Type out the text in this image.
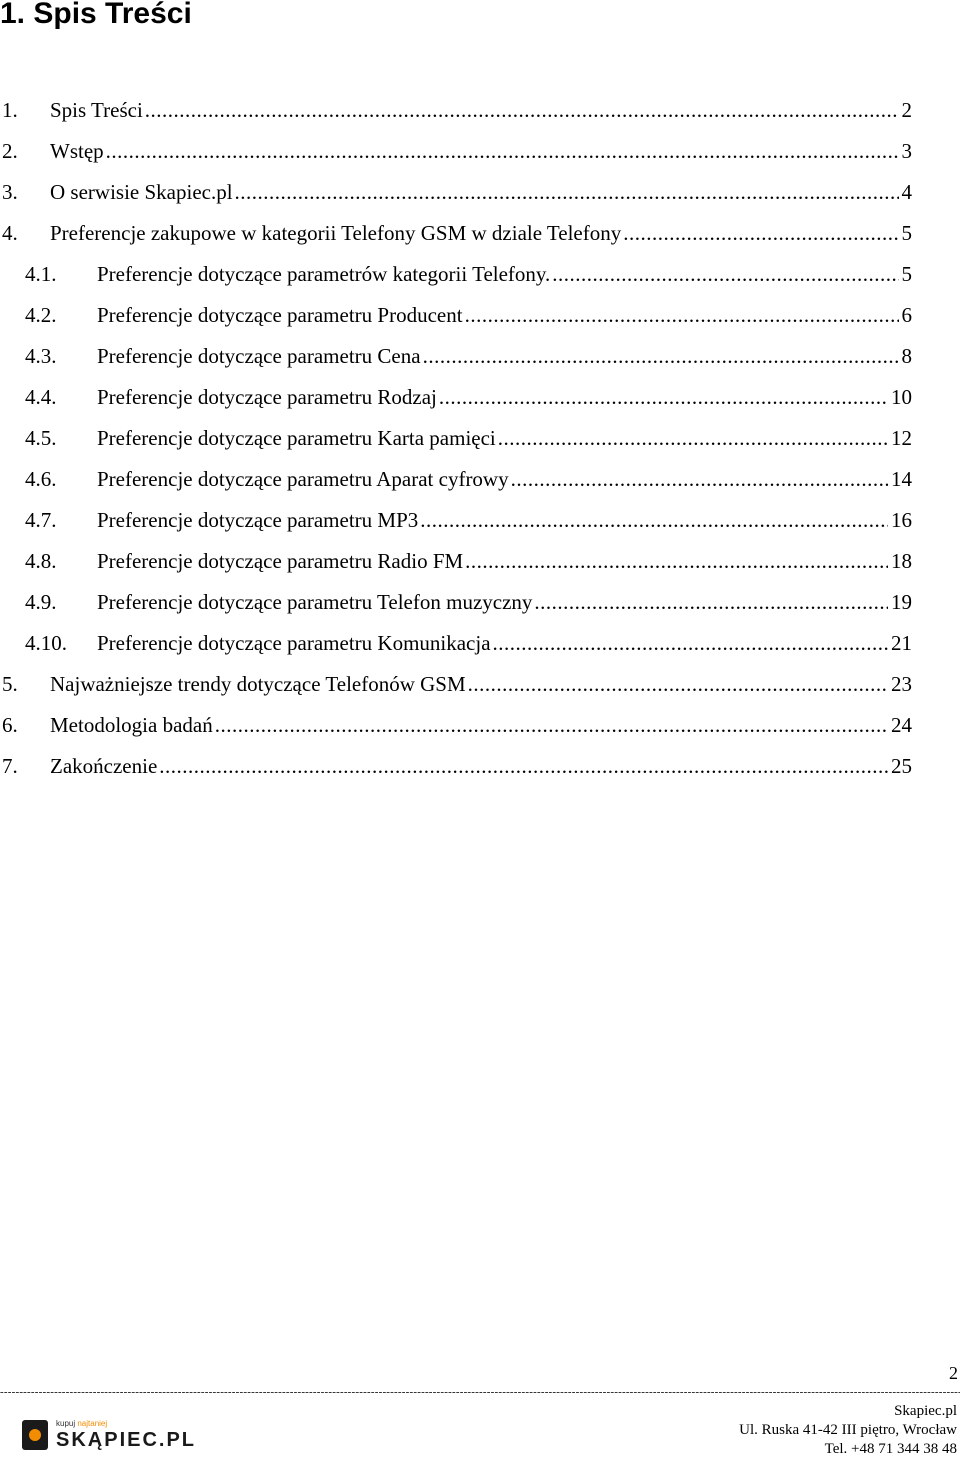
1. Spis Treści
1.	Spis Treści .....	2
2.	Wstęp .....	3
3.	O serwisie Skapiec.pl .....	4
4.	Preferencje zakupowe w kategorii Telefony GSM w dziale Telefony .....	5
4.1.	Preferencje dotyczące parametrów kategorii Telefony. .....	5
4.2.	Preferencje dotyczące parametru Producent .....	6
4.3.	Preferencje dotyczące parametru Cena .....	8
4.4.	Preferencje dotyczące parametru Rodzaj .....	10
4.5.	Preferencje dotyczące parametru Karta pamięci .....	12
4.6.	Preferencje dotyczące parametru Aparat cyfrowy .....	14
4.7.	Preferencje dotyczące parametru MP3 .....	16
4.8.	Preferencje dotyczące parametru Radio FM .....	18
4.9.	Preferencje dotyczące parametru Telefon muzyczny .....	19
4.10.	Preferencje dotyczące parametru Komunikacja .....	21
5.	Najważniejsze trendy dotyczące Telefonów GSM .....	23
6.	Metodologia badań .....	24
7.	Zakończenie .....	25
2
-----
kupuj najtaniej
SKĄPIEC.PL
Skapiec.pl
Ul. Ruska 41-42 III piętro, Wrocław
Tel. +48 71 344 38 48
